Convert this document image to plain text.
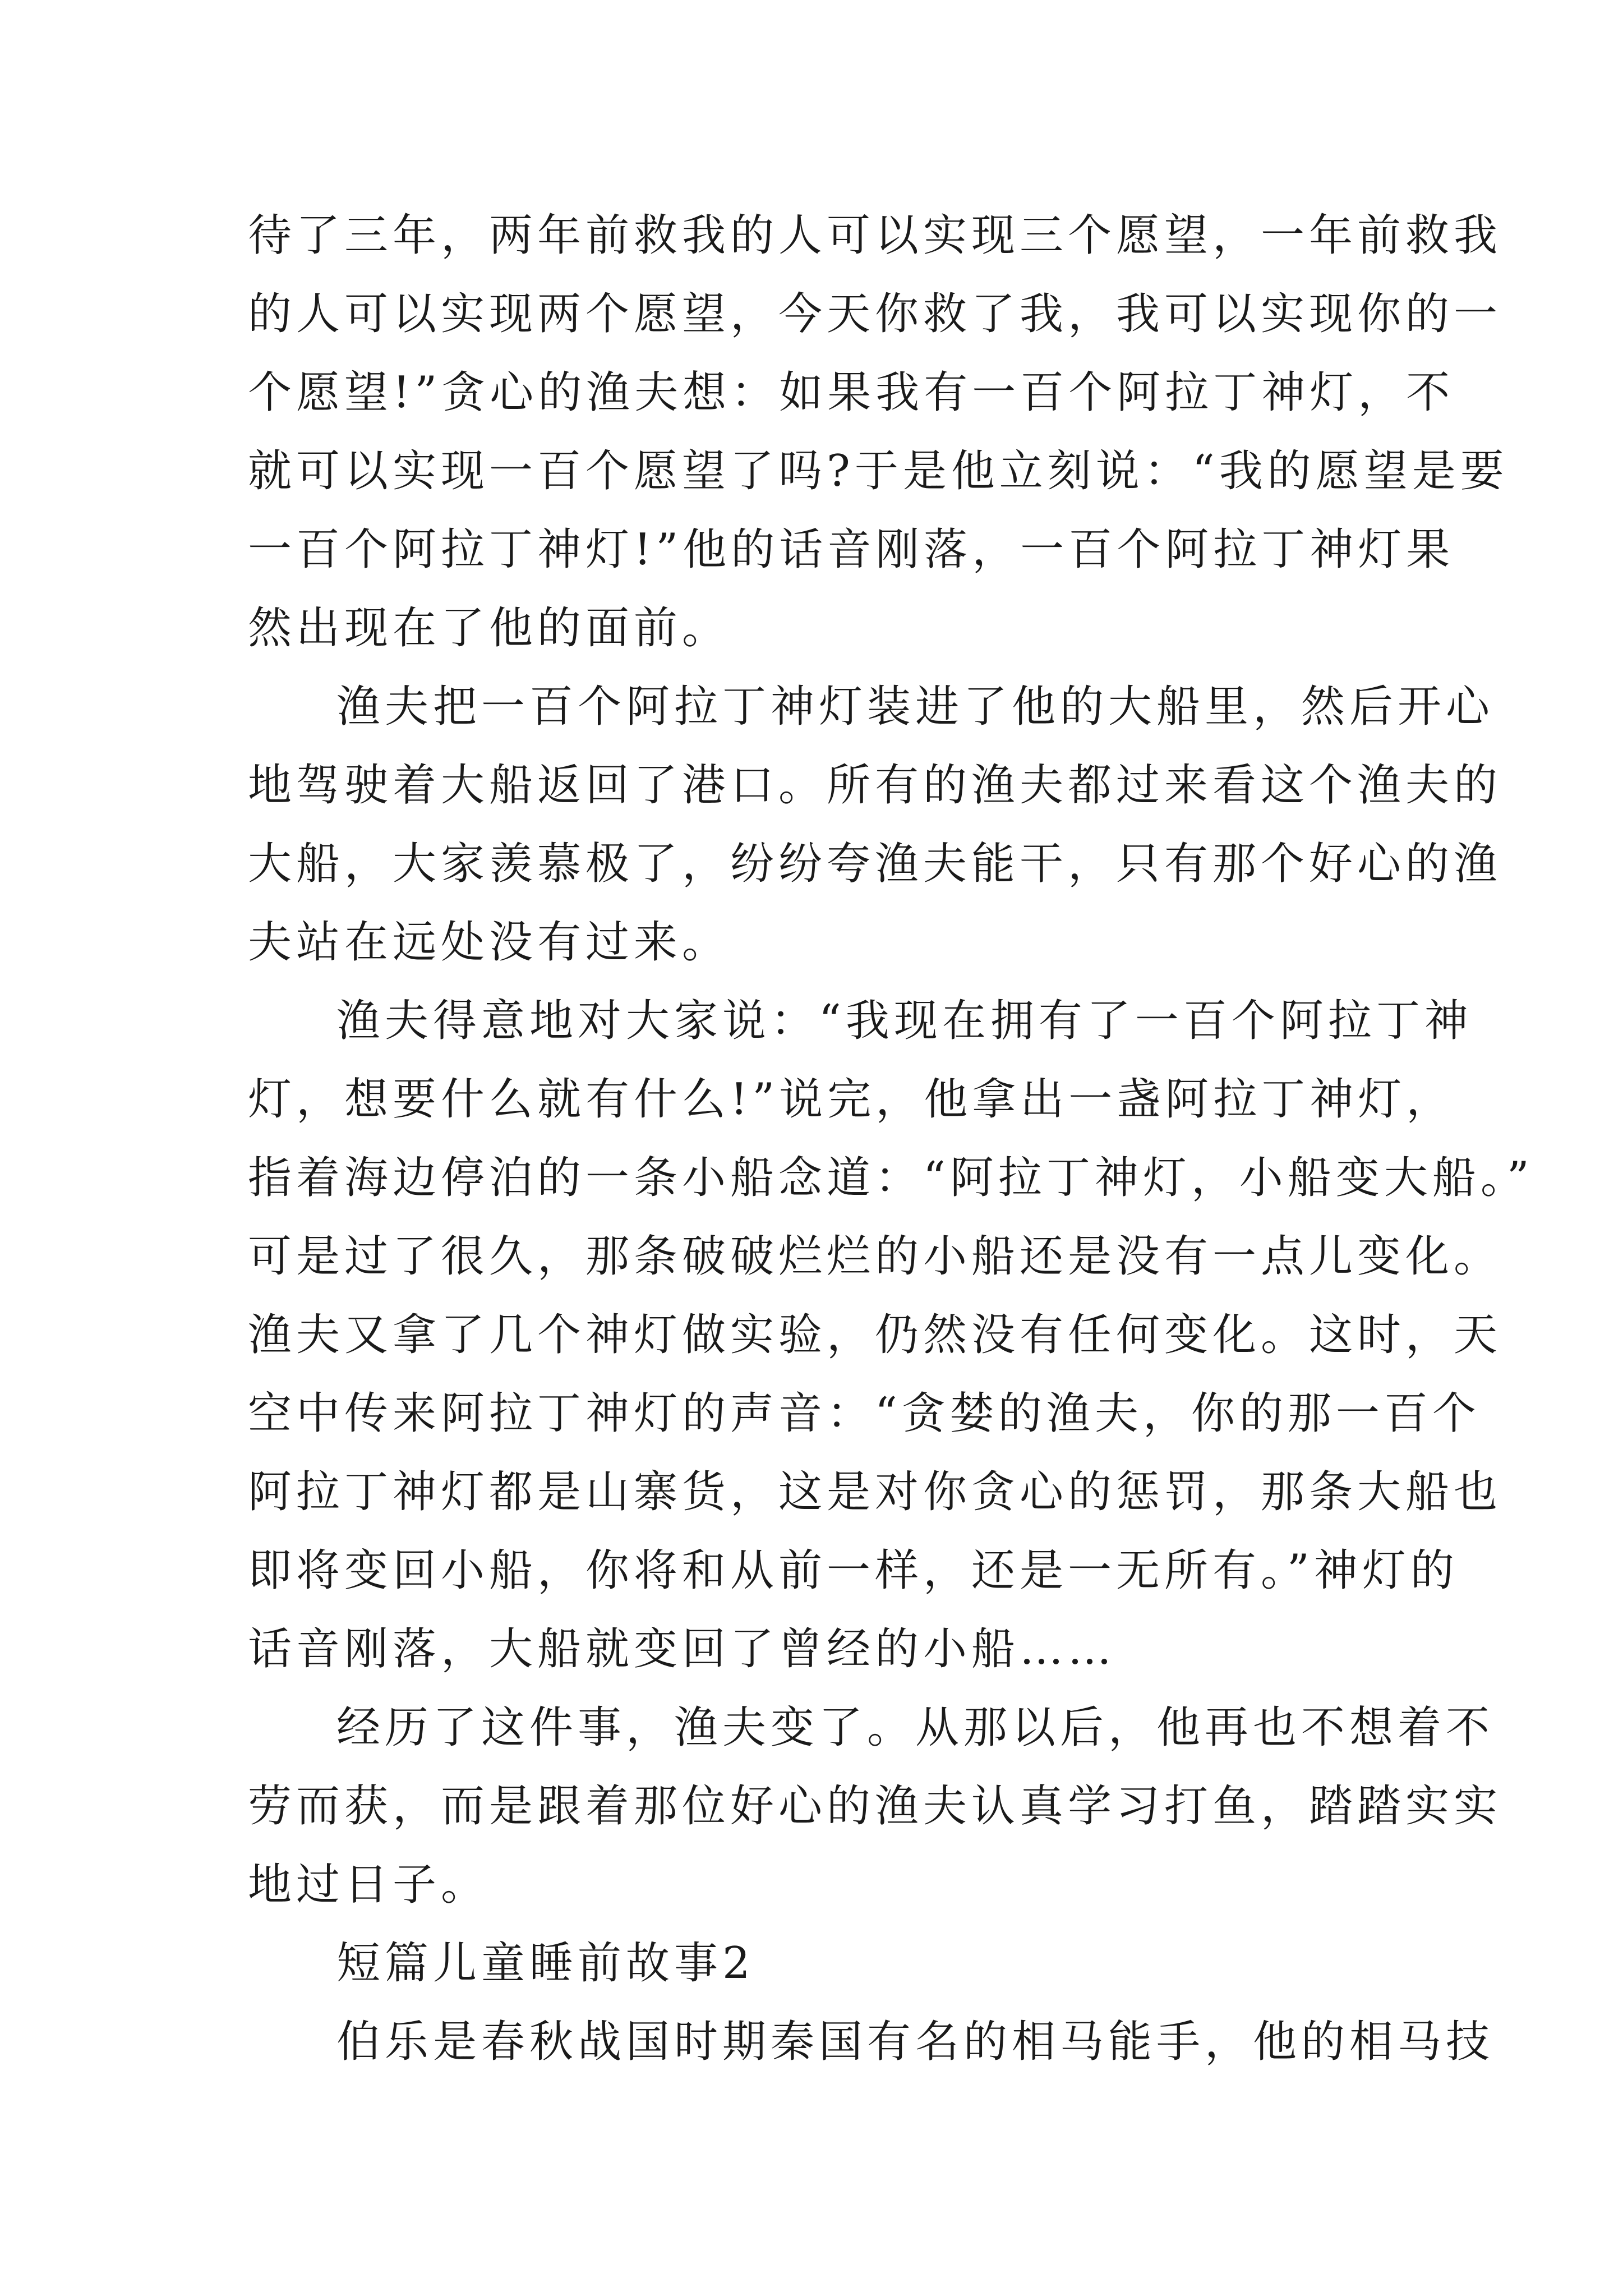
待了三年，两年前救我的人可以实现三个愿望，一年前救我
的人可以实现两个愿望，今天你救了我，我可以实现你的一
个愿望!”贪心的渔夫想：如果我有一百个阿拉丁神灯，不
就可以实现一百个愿望了吗?于是他立刻说：“我的愿望是要
一百个阿拉丁神灯!”他的话音刚落，一百个阿拉丁神灯果
然出现在了他的面前。
渔夫把一百个阿拉丁神灯装进了他的大船里，然后开心
地驾驶着大船返回了港口。所有的渔夫都过来看这个渔夫的
大船，大家羡慕极了，纷纷夸渔夫能干，只有那个好心的渔
夫站在远处没有过来。
渔夫得意地对大家说：“我现在拥有了一百个阿拉丁神
灯，想要什么就有什么!”说完，他拿出一盏阿拉丁神灯，
指着海边停泊的一条小船念道：“阿拉丁神灯，小船变大船。”
可是过了很久，那条破破烂烂的小船还是没有一点儿变化。
渔夫又拿了几个神灯做实验，仍然没有任何变化。这时，天
空中传来阿拉丁神灯的声音：“贪婪的渔夫，你的那一百个
阿拉丁神灯都是山寨货，这是对你贪心的惩罚，那条大船也
即将变回小船，你将和从前一样，还是一无所有。”神灯的
话音刚落，大船就变回了曾经的小船……
经历了这件事，渔夫变了。从那以后，他再也不想着不
劳而获，而是跟着那位好心的渔夫认真学习打鱼，踏踏实实
地过日子。
短篇儿童睡前故事2
伯乐是春秋战国时期秦国有名的相马能手，他的相马技
